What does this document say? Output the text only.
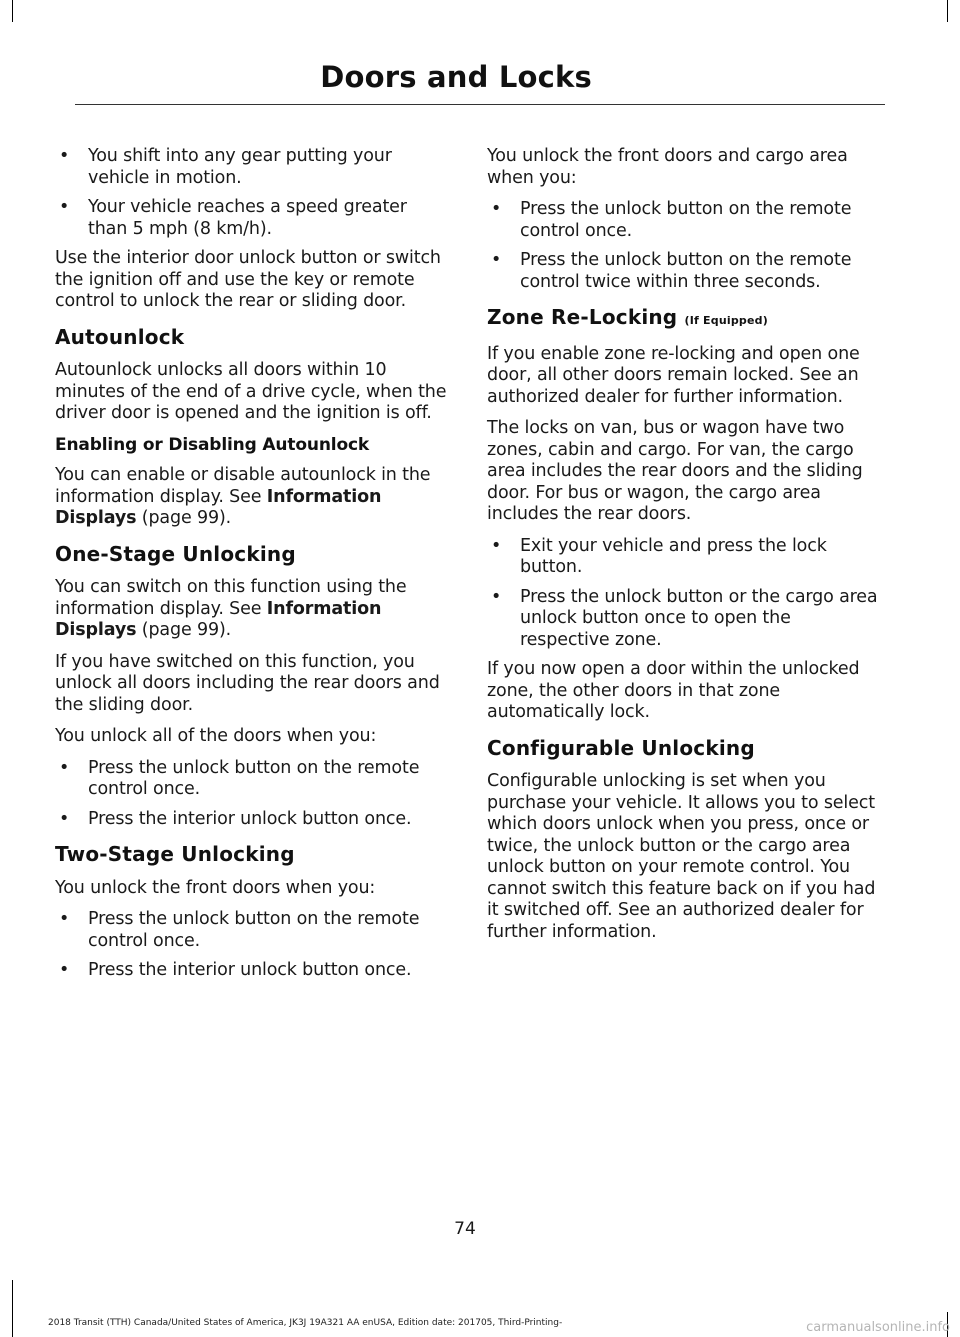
Doors and Locks
• You shift into any gear putting your vehicle in motion.
• Your vehicle reaches a speed greater than 5 mph (8 km/h).

Use the interior door unlock button or switch the ignition off and use the key or remote control to unlock the rear or sliding door.

Autounlock

Autounlock unlocks all doors within 10 minutes of the end of a drive cycle, when the driver door is opened and the ignition is off.

Enabling or Disabling Autounlock

You can enable or disable autounlock in the information display. See Information Displays (page 99).

One-Stage Unlocking

You can switch on this function using the information display. See Information Displays (page 99).

If you have switched on this function, you unlock all doors including the rear doors and the sliding door.

You unlock all of the doors when you:

• Press the unlock button on the remote control once.
• Press the interior unlock button once.
Two-Stage Unlocking

You unlock the front doors when you:

• Press the unlock button on the remote control once.
• Press the interior unlock button once.

You unlock the front doors and cargo area when you:

• Press the unlock button on the remote control once.
• Press the unlock button on the remote control twice within three seconds.
Zone Re-Locking (If Equipped)

If you enable zone re-locking and open one door, all other doors remain locked. See an authorized dealer for further information.

The locks on van, bus or wagon have two zones, cabin and cargo. For van, the cargo area includes the rear doors and the sliding door. For bus or wagon, the cargo area includes the rear doors.

• Exit your vehicle and press the lock button.
• Press the unlock button or the cargo area unlock button once to open the respective zone.

If you now open a door within the unlocked zone, the other doors in that zone automatically lock.

Configurable Unlocking

Configurable unlocking is set when you purchase your vehicle. It allows you to select which doors unlock when you press, once or twice, the unlock button or the cargo area unlock button on your remote control. You cannot switch this feature back on if you had it switched off. See an authorized dealer for further information.

74
2018 Transit (TTH) Canada/United States of America, JK3J 19A321 AA enUSA, Edition date: 201705, Third-Printing-	carmanualsonline.info
